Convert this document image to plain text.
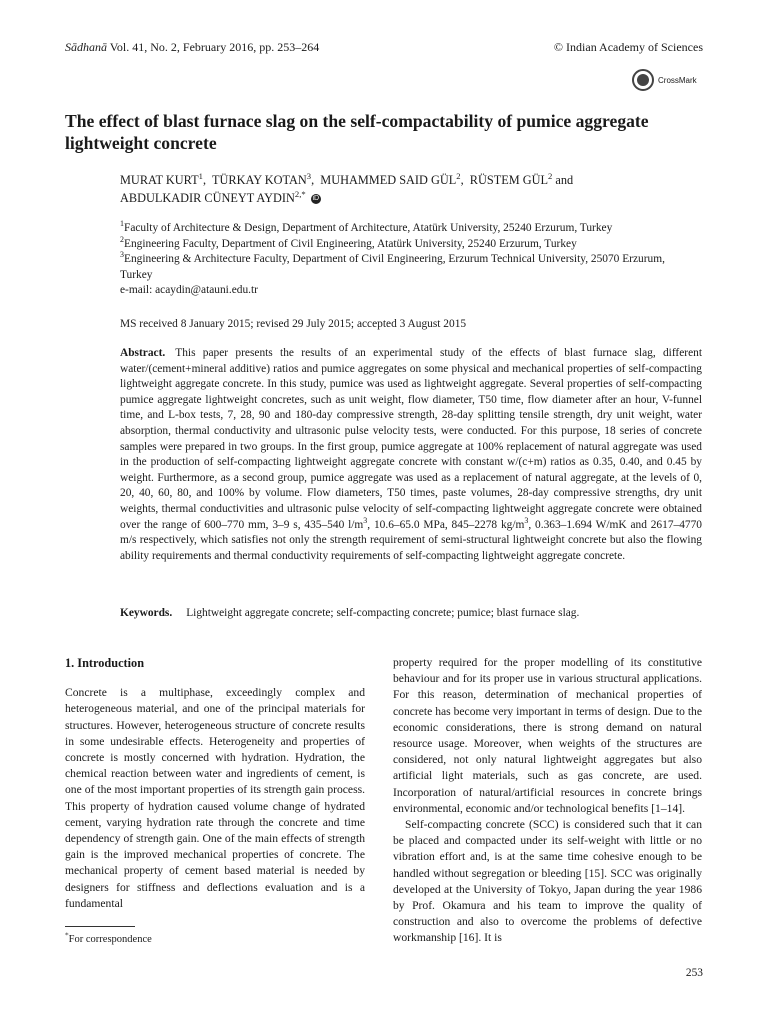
Sādhanā Vol. 41, No. 2, February 2016, pp. 253–264	© Indian Academy of Sciences
CrossMark
The effect of blast furnace slag on the self-compactability of pumice aggregate lightweight concrete
MURAT KURT$^1$,  TÜRKAY KOTAN$^3$,  MUHAMMED SAID GÜL$^2$,  RÜSTEM GÜL$^2$ and
ABDULKADIR CÜNEYT $AYDIN^{2,*}$ iD
$^1$Faculty of Architecture & Design, Department of Architecture, Atatürk University, 25240 Erzurum, Turkey
$^2$Engineering Faculty, Department of Civil Engineering, Atatürk University, 25240 Erzurum, Turkey
$^3$Engineering & Architecture Faculty, Department of Civil Engineering, Erzurum Technical University, 25070 Erzurum, Turkey
e-mail: acaydin@atauni.edu.tr
MS received 8 January 2015; revised 29 July 2015; accepted 3 August 2015
Abstract. This paper presents the results of an experimental study of the effects of blast furnace slag, different water/(cement+mineral additive) ratios and pumice aggregates on some physical and mechanical properties of self-compacting lightweight aggregate concrete. In this study, pumice was used as lightweight aggregate. Several properties of self-compacting pumice aggregate lightweight concretes, such as unit weight, flow diameter, T50 time, flow diameter after an hour, V-funnel time, and L-box tests, 7, 28, 90 and 180-day compressive strength, 28-day splitting tensile strength, dry unit weight, water absorption, thermal conductivity and ultrasonic pulse velocity tests, were conducted. For this purpose, 18 series of concrete samples were prepared in two groups. In the first group, pumice aggregate at 100% replacement of natural aggregate was used in the production of self-compacting lightweight aggregate concrete with constant w/(c+m) ratios as 0.35, 0.40, and 0.45 by weight. Furthermore, as a second group, pumice aggregate was used as a replacement of natural aggregate, at the levels of 0, 20, 40, 60, 80, and 100% by volume. Flow diameters, T50 times, paste volumes, 28-day compressive strengths, dry unit weights, thermal conductivities and ultrasonic pulse velocity of self-compacting lightweight aggregate concrete were obtained over the range of 600–770 mm, 3–9 s, 435–540 $l/m^3$, 10.6–65.0 MPa, 845–2278 $kg/m^3$, 0.363–1.694 W/mK and 2617–4770 m/s respectively, which satisfies not only the strength requirement of semi-structural lightweight concrete but also the flowing ability requirements and thermal conductivity requirements of self-compacting lightweight aggregate concrete.
Keywords. Lightweight aggregate concrete; self-compacting concrete; pumice; blast furnace slag.
1. Introduction

Concrete is a multiphase, exceedingly complex and heterogeneous material, and one of the principal materials for structures. However, heterogeneous structure of concrete results in some undesirable effects. Heterogeneity and properties of concrete is mostly concerned with hydration. Hydration, the chemical reaction between water and ingredients of cement, is one of the most important properties of its strength gain process. This property of hydration caused volume change of hydrated cement, varying hydration rate through the concrete and time dependency of strength gain. One of the main effects of strength gain is the improved mechanical properties of concrete. The mechanical property of cement based material is needed by designers for stiffness and deflections evaluation and is a fundamental

property required for the proper modelling of its constitutive behaviour and for its proper use in various structural applications. For this reason, determination of mechanical properties of concrete has become very important in terms of design. Due to the economic considerations, there is strong demand on natural resource usage. Moreover, when weights of the structures are considered, not only natural lightweight aggregates but also artificial light materials, such as gas concrete, are used. Incorporation of natural/artificial resources in concrete brings environmental, economic and/or technological benefits [1–14].

Self-compacting concrete (SCC) is considered such that it can be placed and compacted under its self-weight with little or no vibration effort and, is at the same time cohesive enough to be handled without segregation or bleeding [15]. SCC was originally developed at the University of Tokyo, Japan during the year 1986 by Prof. Okamura and his team to improve the quality of construction and also to overcome the problems of defective workmanship [16]. It is

*For correspondence
253
